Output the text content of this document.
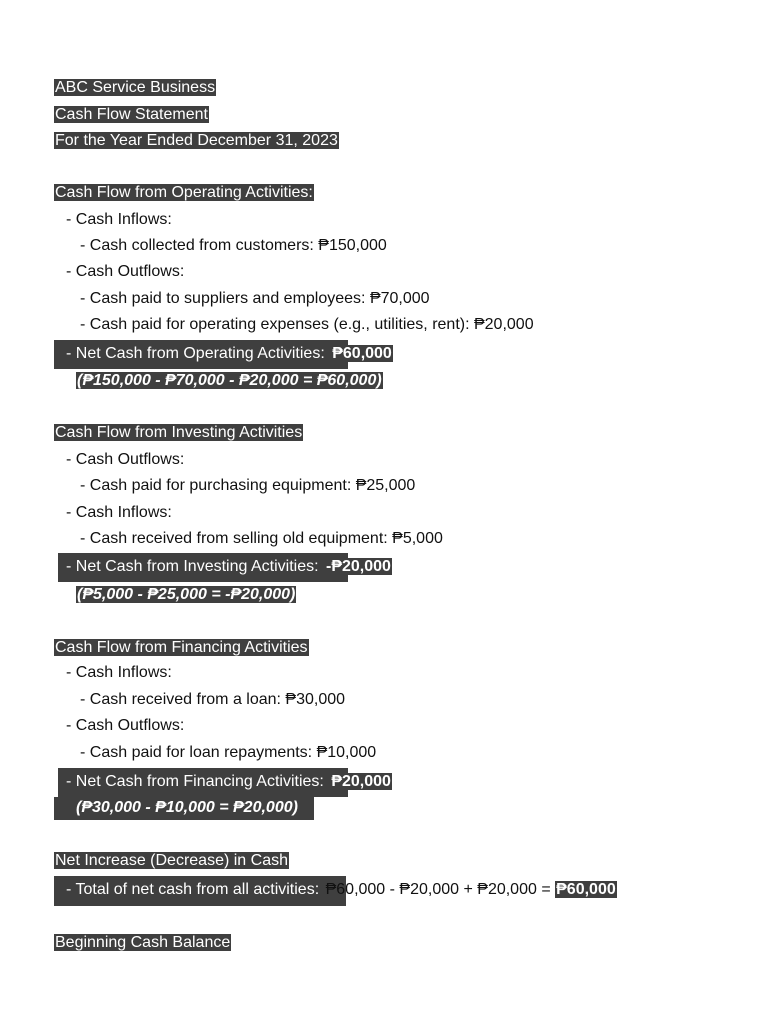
ABC Service Business
Cash Flow Statement
For the Year Ended December 31, 2023
Cash Flow from Operating Activities:
- Cash Inflows:
- Cash collected from customers: ₱150,000
- Cash Outflows:
- Cash paid to suppliers and employees: ₱70,000
- Cash paid for operating expenses (e.g., utilities, rent): ₱20,000
- Net Cash from Operating Activities: ₱60,000
(₱150,000 - ₱70,000 - ₱20,000 = ₱60,000)
Cash Flow from Investing Activities
- Cash Outflows:
- Cash paid for purchasing equipment: ₱25,000
- Cash Inflows:
- Cash received from selling old equipment: ₱5,000
- Net Cash from Investing Activities: -₱20,000
(₱5,000 - ₱25,000 = -₱20,000)
Cash Flow from Financing Activities
- Cash Inflows:
- Cash received from a loan: ₱30,000
- Cash Outflows:
- Cash paid for loan repayments: ₱10,000
- Net Cash from Financing Activities: ₱20,000
(₱30,000 - ₱10,000 = ₱20,000)
Net Increase (Decrease) in Cash
- Total of net cash from all activities: ₱60,000 - ₱20,000 + ₱20,000 = ₱60,000
Beginning Cash Balance
